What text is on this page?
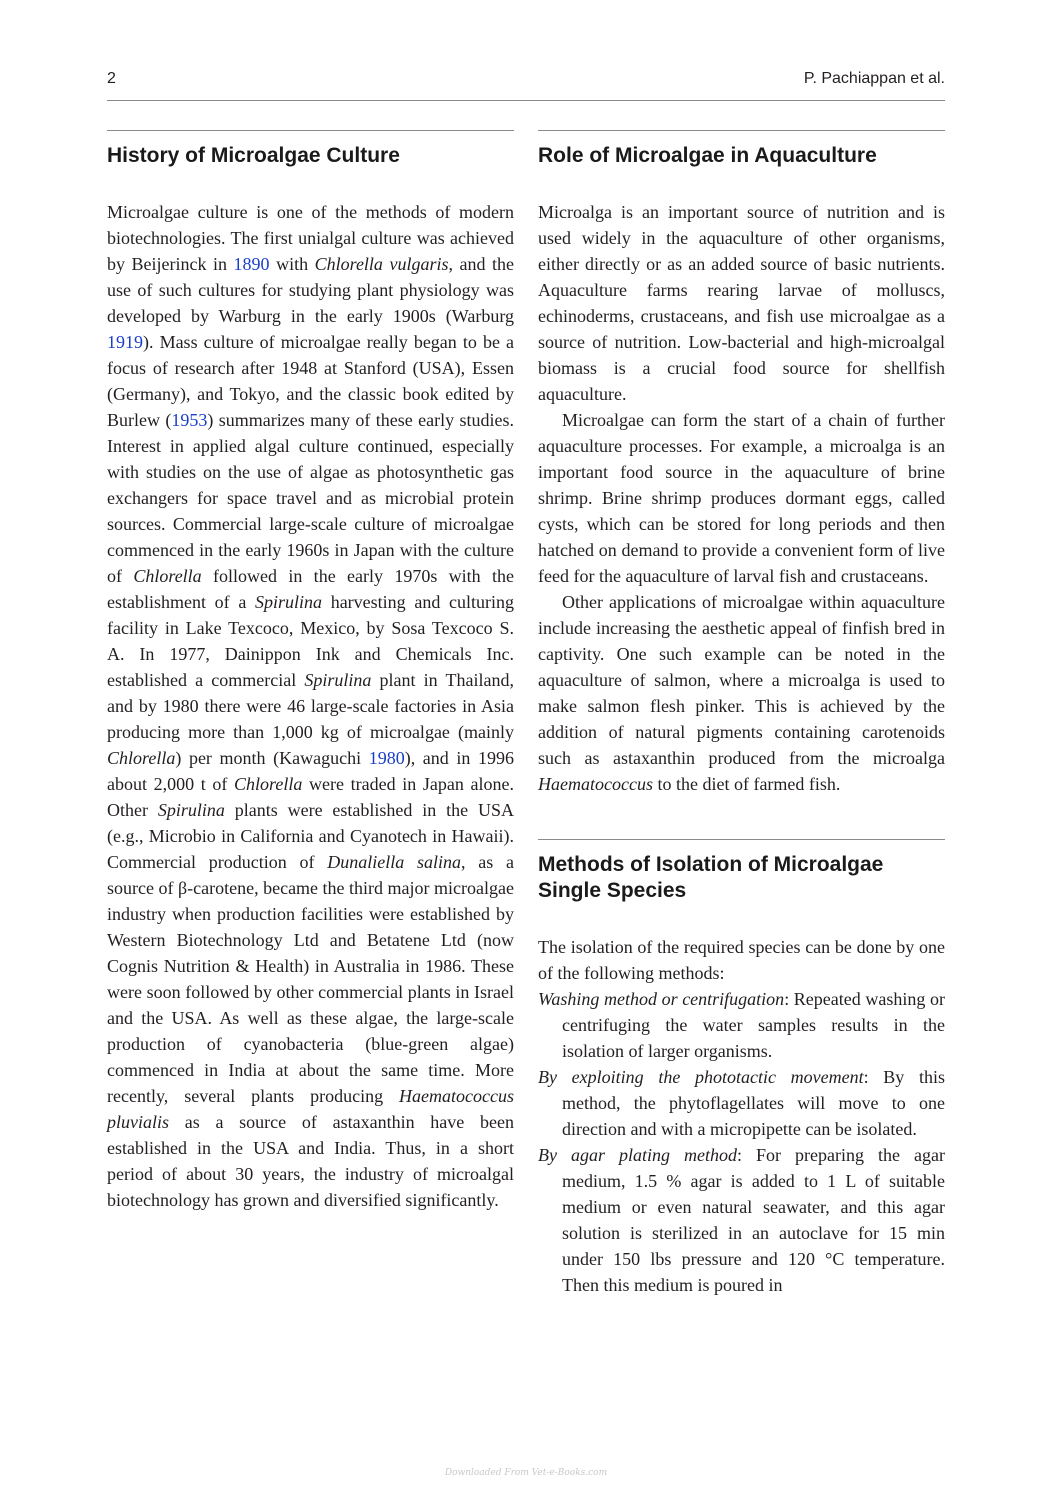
2	P. Pachiappan et al.
History of Microalgae Culture

Microalgae culture is one of the methods of modern biotechnologies. The first unialgal culture was achieved by Beijerinck in 1890 with Chlorella vulgaris, and the use of such cultures for studying plant physiology was developed by Warburg in the early 1900s (Warburg 1919). Mass culture of microalgae really began to be a focus of research after 1948 at Stanford (USA), Essen (Germany), and Tokyo, and the classic book edited by Burlew (1953) summarizes many of these early studies. Interest in applied algal culture continued, especially with studies on the use of algae as photosynthetic gas exchangers for space travel and as microbial protein sources. Commercial large-scale culture of microalgae commenced in the early 1960s in Japan with the culture of Chlorella followed in the early 1970s with the establishment of a Spirulina harvesting and culturing facility in Lake Texcoco, Mexico, by Sosa Texcoco S. A. In 1977, Dainippon Ink and Chemicals Inc. established a commercial Spirulina plant in Thailand, and by 1980 there were 46 large-scale factories in Asia producing more than 1,000 kg of microalgae (mainly Chlorella) per month (Kawaguchi 1980), and in 1996 about 2,000 t of Chlorella were traded in Japan alone. Other Spirulina plants were established in the USA (e.g., Microbio in California and Cyanotech in Hawaii). Commercial production of Dunaliella salina, as a source of β-carotene, became the third major microalgae industry when production facilities were established by Western Biotechnology Ltd and Betatene Ltd (now Cognis Nutrition & Health) in Australia in 1986. These were soon followed by other commercial plants in Israel and the USA. As well as these algae, the large-scale production of cyanobacteria (blue-green algae) commenced in India at about the same time. More recently, several plants producing Haematococcus pluvialis as a source of astaxanthin have been established in the USA and India. Thus, in a short period of about 30 years, the industry of microalgal biotechnology has grown and diversified significantly.

Role of Microalgae in Aquaculture

Microalga is an important source of nutrition and is used widely in the aquaculture of other organisms, either directly or as an added source of basic nutrients. Aquaculture farms rearing larvae of molluscs, echinoderms, crustaceans, and fish use microalgae as a source of nutrition. Low-bacterial and high-microalgal biomass is a crucial food source for shellfish aquaculture.

Microalgae can form the start of a chain of further aquaculture processes. For example, a microalga is an important food source in the aquaculture of brine shrimp. Brine shrimp produces dormant eggs, called cysts, which can be stored for long periods and then hatched on demand to provide a convenient form of live feed for the aquaculture of larval fish and crustaceans.

Other applications of microalgae within aquaculture include increasing the aesthetic appeal of finfish bred in captivity. One such example can be noted in the aquaculture of salmon, where a microalga is used to make salmon flesh pinker. This is achieved by the addition of natural pigments containing carotenoids such as astaxanthin produced from the microalga Haematococcus to the diet of farmed fish.

Methods of Isolation of Microalgae Single Species

The isolation of the required species can be done by one of the following methods:

Washing method or centrifugation: Repeated washing or centrifuging the water samples results in the isolation of larger organisms.

By exploiting the phototactic movement: By this method, the phytoflagellates will move to one direction and with a micropipette can be isolated.

By agar plating method: For preparing the agar medium, 1.5 % agar is added to 1 L of suitable medium or even natural seawater, and this agar solution is sterilized in an autoclave for 15 min under 150 lbs pressure and 120 °C temperature. Then this medium is poured in

Downloaded From Vet-e-Books.com
